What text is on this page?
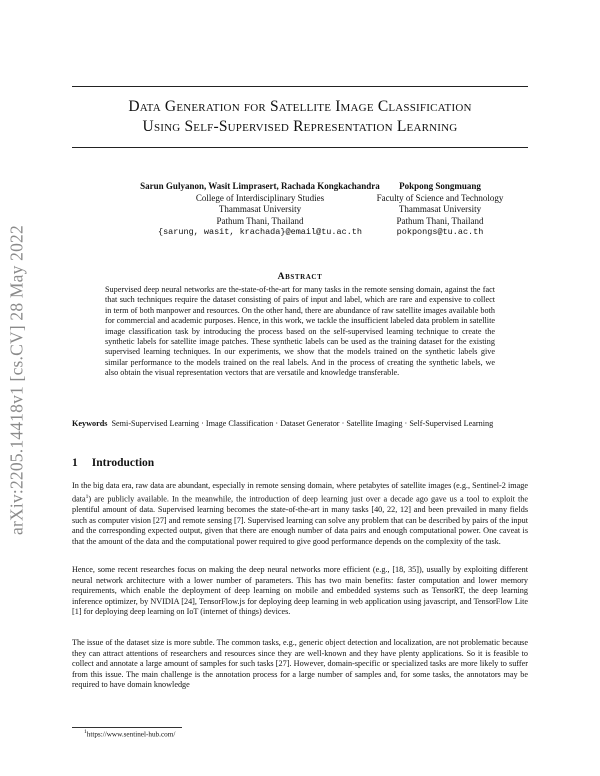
arXiv:2205.14418v1 [cs.CV] 28 May 2022
Data Generation for Satellite Image Classification
Using Self-Supervised Representation Learning
Sarun Gulyanon, Wasit Limprasert, Rachada Kongkachandra
College of Interdisciplinary Studies
Thammasat University
Pathum Thani, Thailand
{sarung, wasit, krachada}@email@tu.ac.th
Pokpong Songmuang
Faculty of Science and Technology
Thammasat University
Pathum Thani, Thailand
pokpongs@tu.ac.th
Abstract
Supervised deep neural networks are the-state-of-the-art for many tasks in the remote sensing domain, against the fact that such techniques require the dataset consisting of pairs of input and label, which are rare and expensive to collect in term of both manpower and resources. On the other hand, there are abundance of raw satellite images available both for commercial and academic purposes. Hence, in this work, we tackle the insufficient labeled data problem in satellite image classification task by introducing the process based on the self-supervised learning technique to create the synthetic labels for satellite image patches. These synthetic labels can be used as the training dataset for the existing supervised learning techniques. In our experiments, we show that the models trained on the synthetic labels give similar performance to the models trained on the real labels. And in the process of creating the synthetic labels, we also obtain the visual representation vectors that are versatile and knowledge transferable.
Keywords Semi-Supervised Learning · Image Classification · Dataset Generator · Satellite Imaging · Self-Supervised Learning
1 Introduction
In the big data era, raw data are abundant, especially in remote sensing domain, where petabytes of satellite images (e.g., Sentinel-2 image data$^1$) are publicly available. In the meanwhile, the introduction of deep learning just over a decade ago gave us a tool to exploit the plentiful amount of data. Supervised learning becomes the state-of-the-art in many tasks [40, 22, 12] and been prevailed in many fields such as computer vision [27] and remote sensing [7]. Supervised learning can solve any problem that can be described by pairs of the input and the corresponding expected output, given that there are enough number of data pairs and enough computational power. One caveat is that the amount of the data and the computational power required to give good performance depends on the complexity of the task.
Hence, some recent researches focus on making the deep neural networks more efficient (e.g., [18, 35]), usually by exploiting different neural network architecture with a lower number of parameters. This has two main benefits: faster computation and lower memory requirements, which enable the deployment of deep learning on mobile and embedded systems such as TensorRT, the deep learning inference optimizer, by NVIDIA [24], TensorFlow.js for deploying deep learning in web application using javascript, and TensorFlow Lite [1] for deploying deep learning on IoT (internet of things) devices.
The issue of the dataset size is more subtle. The common tasks, e.g., generic object detection and localization, are not problematic because they can attract attentions of researchers and resources since they are well-known and they have plenty applications. So it is feasible to collect and annotate a large amount of samples for such tasks [27]. However, domain-specific or specialized tasks are more likely to suffer from this issue. The main challenge is the annotation process for a large number of samples and, for some tasks, the annotators may be required to have domain knowledge
$^1$https://www.sentinel-hub.com/
